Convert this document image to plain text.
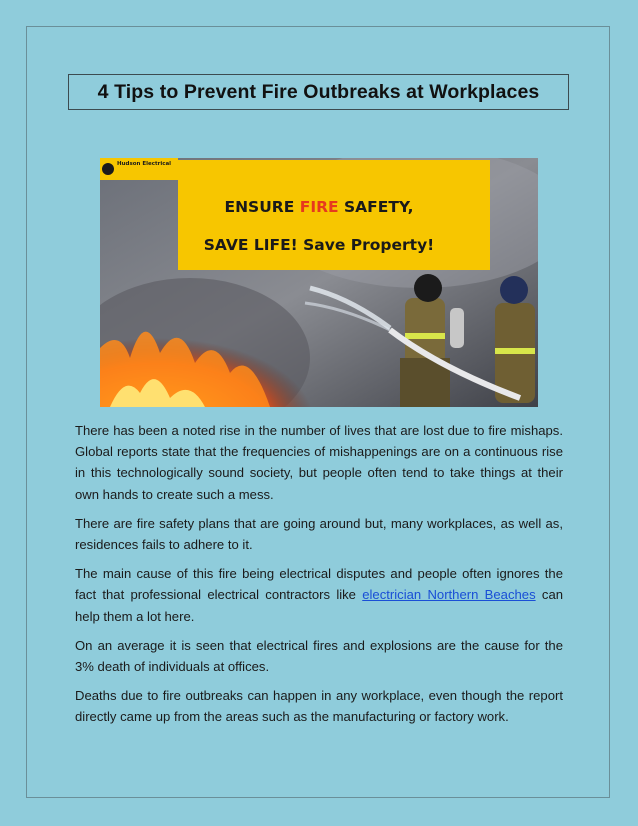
4 Tips to Prevent Fire Outbreaks at Workplaces
Hudson Electrical
ENSURE FIRE SAFETY,
SAVE LIFE! Save Property!

There has been a noted rise in the number of lives that are lost due to fire mishaps. Global reports state that the frequencies of mishappenings are on a continuous rise in this technologically sound society, but people often tend to take things at their own hands to create such a mess.

There are fire safety plans that are going around but, many workplaces, as well as, residences fails to adhere to it.

The main cause of this fire being electrical disputes and people often ignores the fact that professional electrical contractors like electrician Northern Beaches can help them a lot here.

On an average it is seen that electrical fires and explosions are the cause for the 3% death of individuals at offices.

Deaths due to fire outbreaks can happen in any workplace, even though the report directly came up from the areas such as the manufacturing or factory work.
